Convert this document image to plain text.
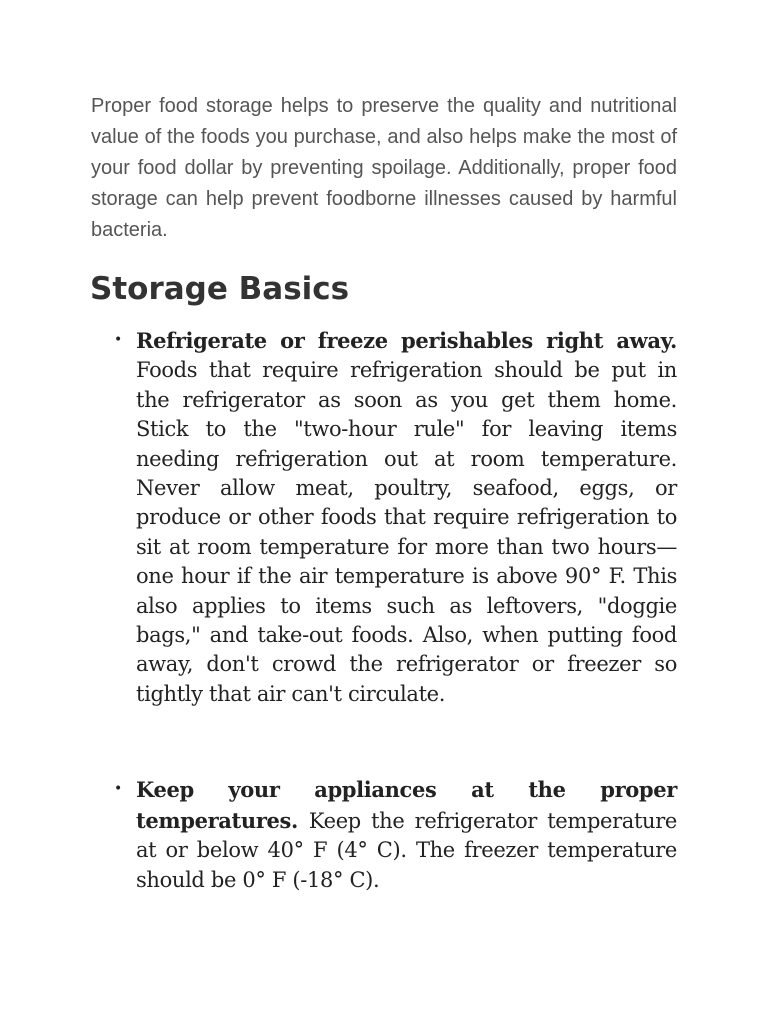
Proper food storage helps to preserve the quality and nutritional value of the foods you purchase, and also helps make the most of your food dollar by preventing spoilage. Additionally, proper food storage can help prevent foodborne illnesses caused by harmful bacteria.

Storage Basics
• Refrigerate or freeze perishables right away. Foods that require refrigeration should be put in the refrigerator as soon as you get them home. Stick to the "two-hour rule" for leaving items needing refrigeration out at room temperature. Never allow meat, poultry, seafood, eggs, or produce or other foods that require refrigeration to sit at room temperature for more than two hours—one hour if the air temperature is above 90° F. This also applies to items such as leftovers, "doggie bags," and take-out foods. Also, when putting food away, don't crowd the refrigerator or freezer so tightly that air can't circulate.
• Keep your appliances at the proper temperatures. Keep the refrigerator temperature at or below 40° F (4° C). The freezer temperature should be 0° F (-18° C).
